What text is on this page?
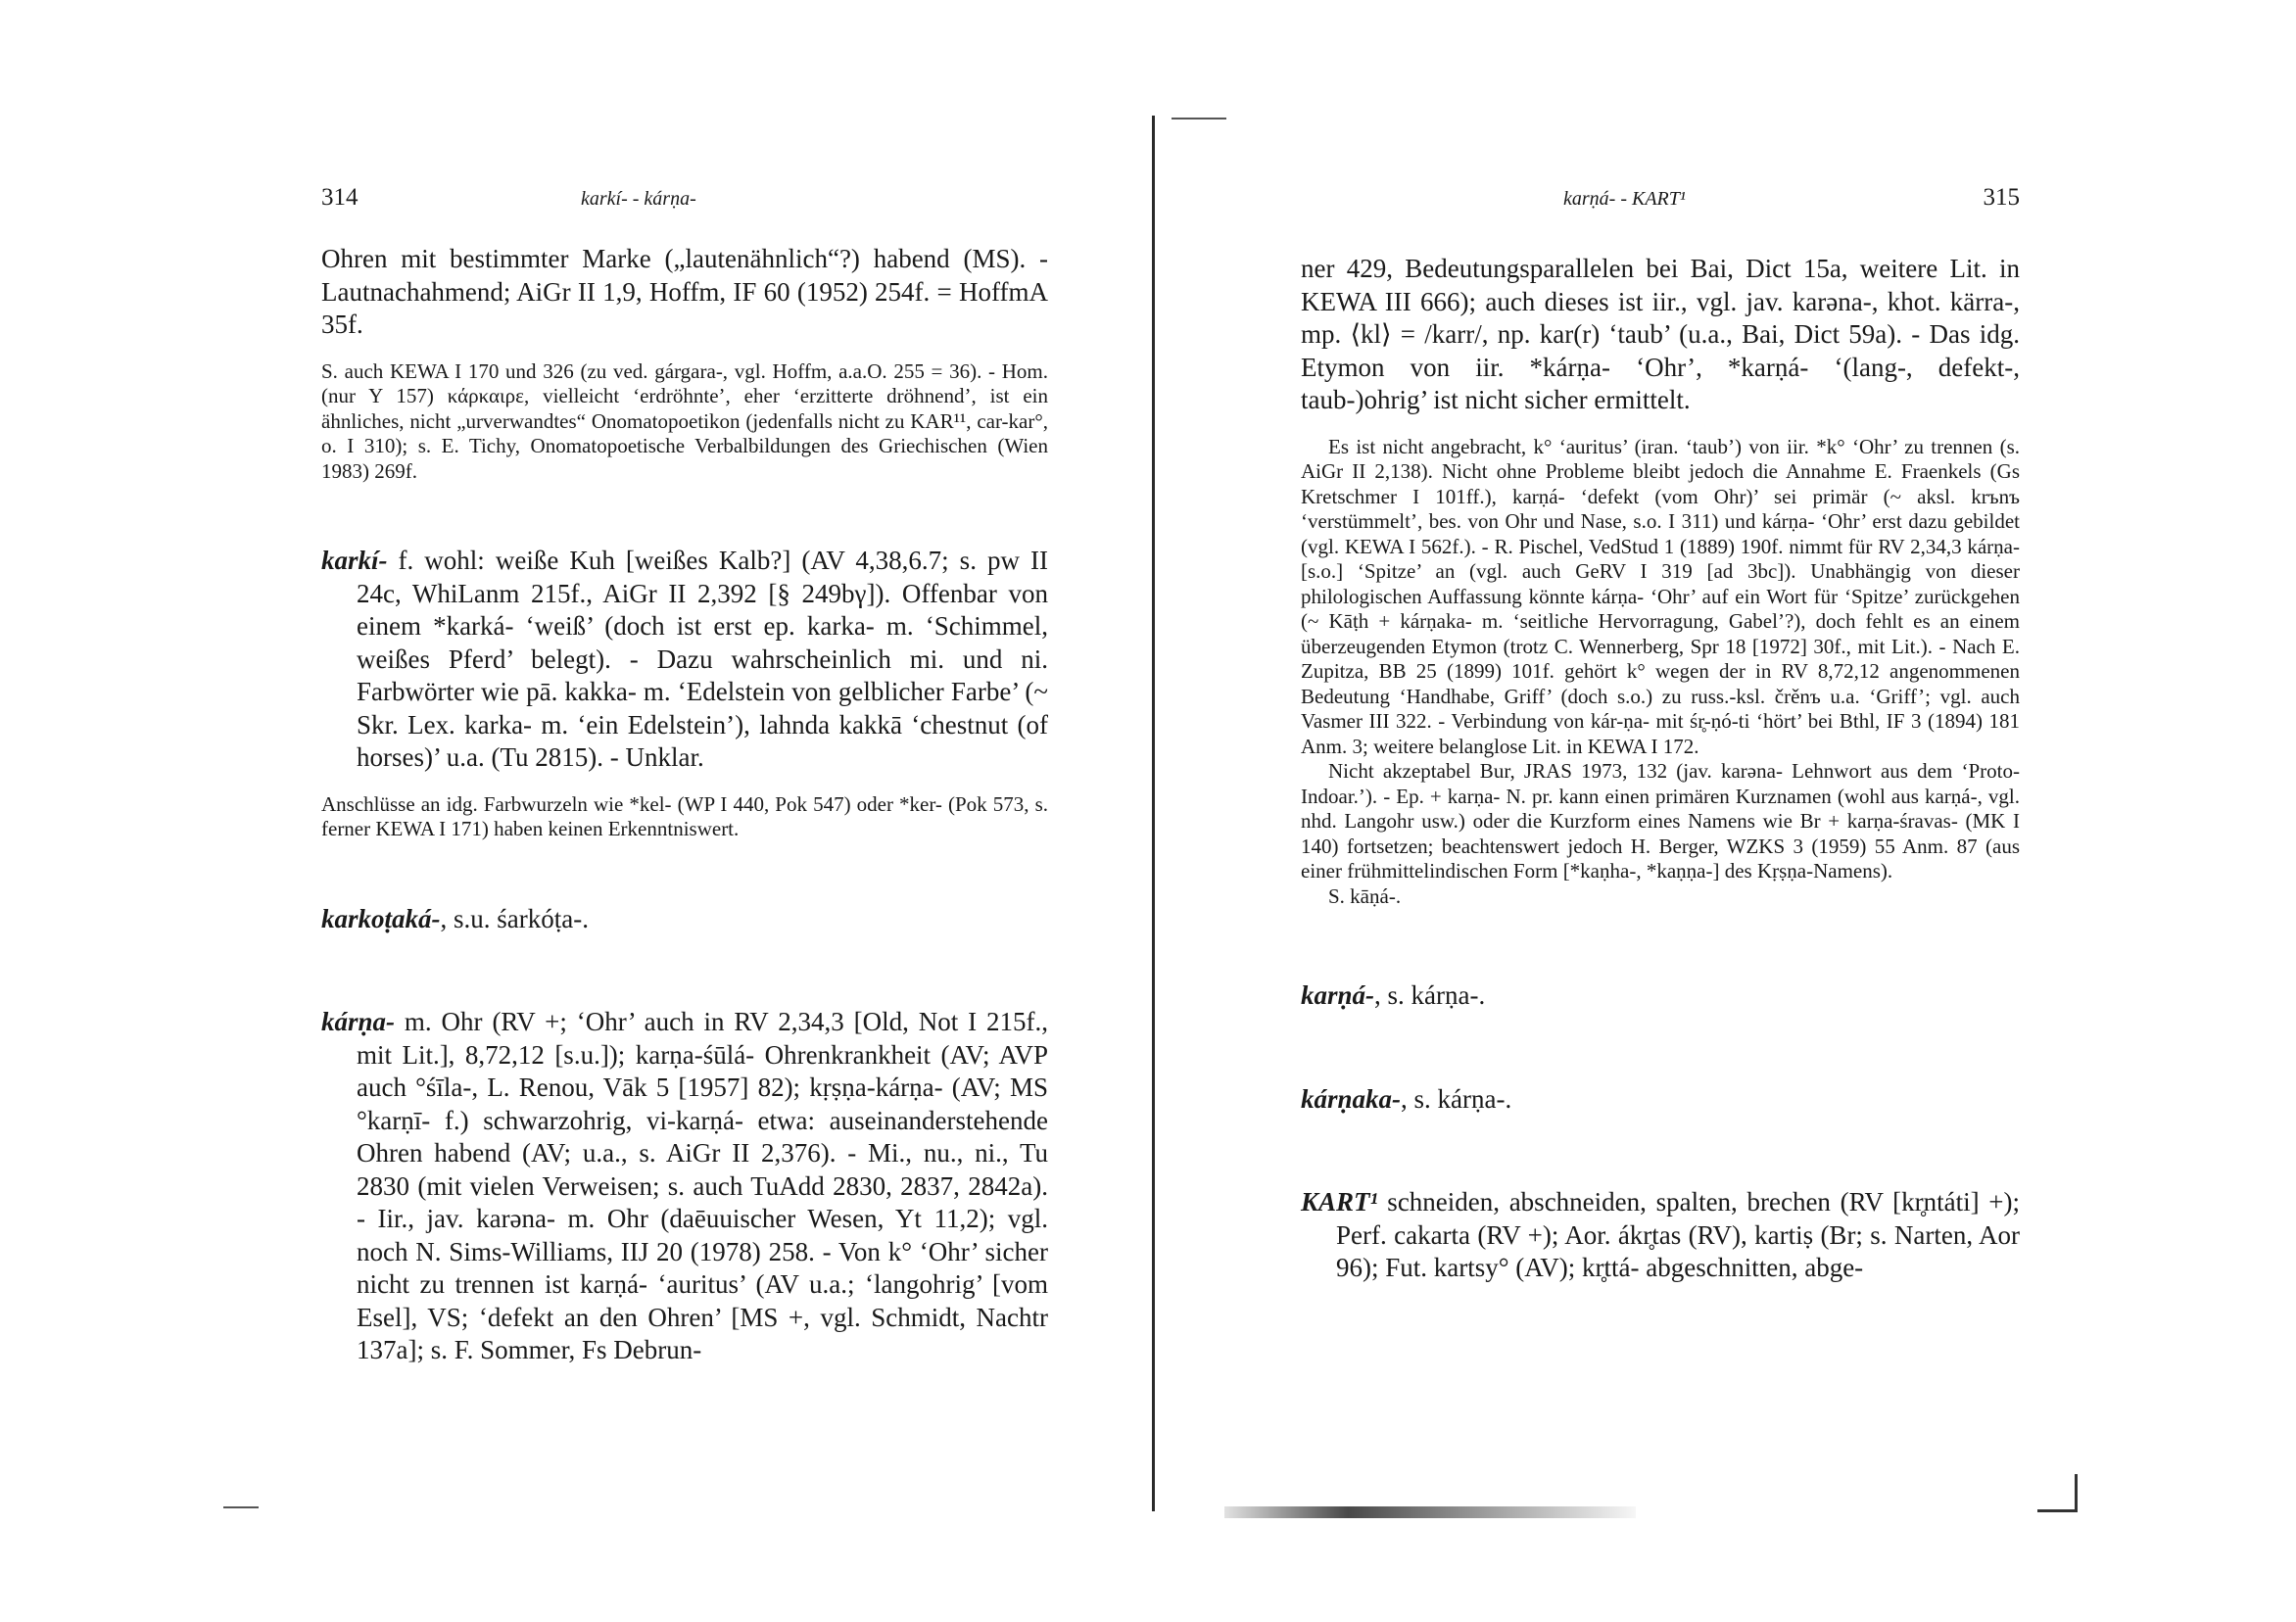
314	karkí- - kárṇa-

Ohren mit bestimmter Marke („lautenähnlich“?) habend (MS). - Lautnachahmend; AiGr II 1,9, Hoffm, IF 60 (1952) 254f. = HoffmA 35f.

S. auch KEWA I 170 und 326 (zu ved. gárgara-, vgl. Hoffm, a.a.O. 255 = 36). - Hom. (nur Y 157) κάρκαιρε, vielleicht ‘erdröhnte’, eher ‘erzitterte dröhnend’, ist ein ähnliches, nicht „urverwandtes“ Onomatopoetikon (jedenfalls nicht zu KAR¹¹, car-kar°, o. I 310); s. E. Tichy, Onomatopoetische Verbalbildungen des Griechischen (Wien 1983) 269f.

karkí- f. wohl: weiße Kuh [weißes Kalb?] (AV 4,38,6.7; s. pw II 24c, WhiLanm 215f., AiGr II 2,392 [§ 249bγ]). Offenbar von einem *karká- ‘weiß’ (doch ist erst ep. karka- m. ‘Schimmel, weißes Pferd’ belegt). - Dazu wahrscheinlich mi. und ni. Farbwörter wie pā. kakka- m. ‘Edelstein von gelblicher Farbe’ (~ Skr. Lex. karka- m. ‘ein Edelstein’), lahnda kakkā ‘chestnut (of horses)’ u.a. (Tu 2815). - Unklar.

Anschlüsse an idg. Farbwurzeln wie *kel- (WP I 440, Pok 547) oder *ker- (Pok 573, s. ferner KEWA I 171) haben keinen Erkenntniswert.

karkoṭaká-, s.u. śarkóṭa-.

kárṇa- m. Ohr (RV +; ‘Ohr’ auch in RV 2,34,3 [Old, Not I 215f., mit Lit.], 8,72,12 [s.u.]); karṇa-śūlá- Ohrenkrankheit (AV; AVP auch °śīla-, L. Renou, Vāk 5 [1957] 82); kṛṣṇa-kárṇa- (AV; MS °karṇī- f.) schwarzohrig, vi-karṇá- etwa: auseinanderstehende Ohren habend (AV; u.a., s. AiGr II 2,376). - Mi., nu., ni., Tu 2830 (mit vielen Verweisen; s. auch TuAdd 2830, 2837, 2842a). - Iir., jav. karəna- m. Ohr (daēuuischer Wesen, Yt 11,2); vgl. noch N. Sims-Williams, IIJ 20 (1978) 258. - Von k° ‘Ohr’ sicher nicht zu trennen ist karṇá- ‘auritus’ (AV u.a.; ‘langohrig’ [vom Esel], VS; ‘defekt an den Ohren’ [MS +, vgl. Schmidt, Nachtr 137a]; s. F. Sommer, Fs Debrun-

karṇá- - KART¹	315

ner 429, Bedeutungsparallelen bei Bai, Dict 15a, weitere Lit. in KEWA III 666); auch dieses ist iir., vgl. jav. karəna-, khot. kärra-, mp. ⟨kl⟩ = /karr/, np. kar(r) ‘taub’ (u.a., Bai, Dict 59a). - Das idg. Etymon von iir. *kárṇa- ‘Ohr’, *karṇá- ‘(lang-, defekt-, taub-)ohrig’ ist nicht sicher ermittelt.

Es ist nicht angebracht, k° ‘auritus’ (iran. ‘taub’) von iir. *k° ‘Ohr’ zu trennen (s. AiGr II 2,138). Nicht ohne Probleme bleibt jedoch die Annahme E. Fraenkels (Gs Kretschmer I 101ff.), karṇá- ‘defekt (vom Ohr)’ sei primär (~ aksl. krъnъ ‘verstümmelt’, bes. von Ohr und Nase, s.o. I 311) und kárṇa- ‘Ohr’ erst dazu gebildet (vgl. KEWA I 562f.). - R. Pischel, VedStud 1 (1889) 190f. nimmt für RV 2,34,3 kárṇa- [s.o.] ‘Spitze’ an (vgl. auch GeRV I 319 [ad 3bc]). Unabhängig von dieser philologischen Auffassung könnte kárṇa- ‘Ohr’ auf ein Wort für ‘Spitze’ zurückgehen (~ Kāṭh + kárṇaka- m. ‘seitliche Hervorragung, Gabel’?), doch fehlt es an einem überzeugenden Etymon (trotz C. Wennerberg, Spr 18 [1972] 30f., mit Lit.). - Nach E. Zupitza, BB 25 (1899) 101f. gehört k° wegen der in RV 8,72,12 angenommenen Bedeutung ‘Handhabe, Griff’ (doch s.o.) zu russ.-ksl. črěnъ u.a. ‘Griff’; vgl. auch Vasmer III 322. - Verbindung von kár-ṇa- mit śr̥-ṇó-ti ‘hört’ bei Bthl, IF 3 (1894) 181 Anm. 3; weitere belanglose Lit. in KEWA I 172.

Nicht akzeptabel Bur, JRAS 1973, 132 (jav. karəna- Lehnwort aus dem ‘Proto-Indoar.’). - Ep. + karṇa- N. pr. kann einen primären Kurznamen (wohl aus karṇá-, vgl. nhd. Langohr usw.) oder die Kurzform eines Namens wie Br + karṇa-śravas- (MK I 140) fortsetzen; beachtenswert jedoch H. Berger, WZKS 3 (1959) 55 Anm. 87 (aus einer frühmittelindischen Form [*kaṇha-, *kaṇṇa-] des Kṛṣṇa-Namens).

S. kāṇá-.

karṇá-, s. kárṇa-.

kárṇaka-, s. kárṇa-.

KART¹ schneiden, abschneiden, spalten, brechen (RV [kr̥ntáti] +); Perf. cakarta (RV +); Aor. ákr̥tas (RV), kartiṣ (Br; s. Narten, Aor 96); Fut. kartsy° (AV); kr̥ttá- abgeschnitten, abge-
